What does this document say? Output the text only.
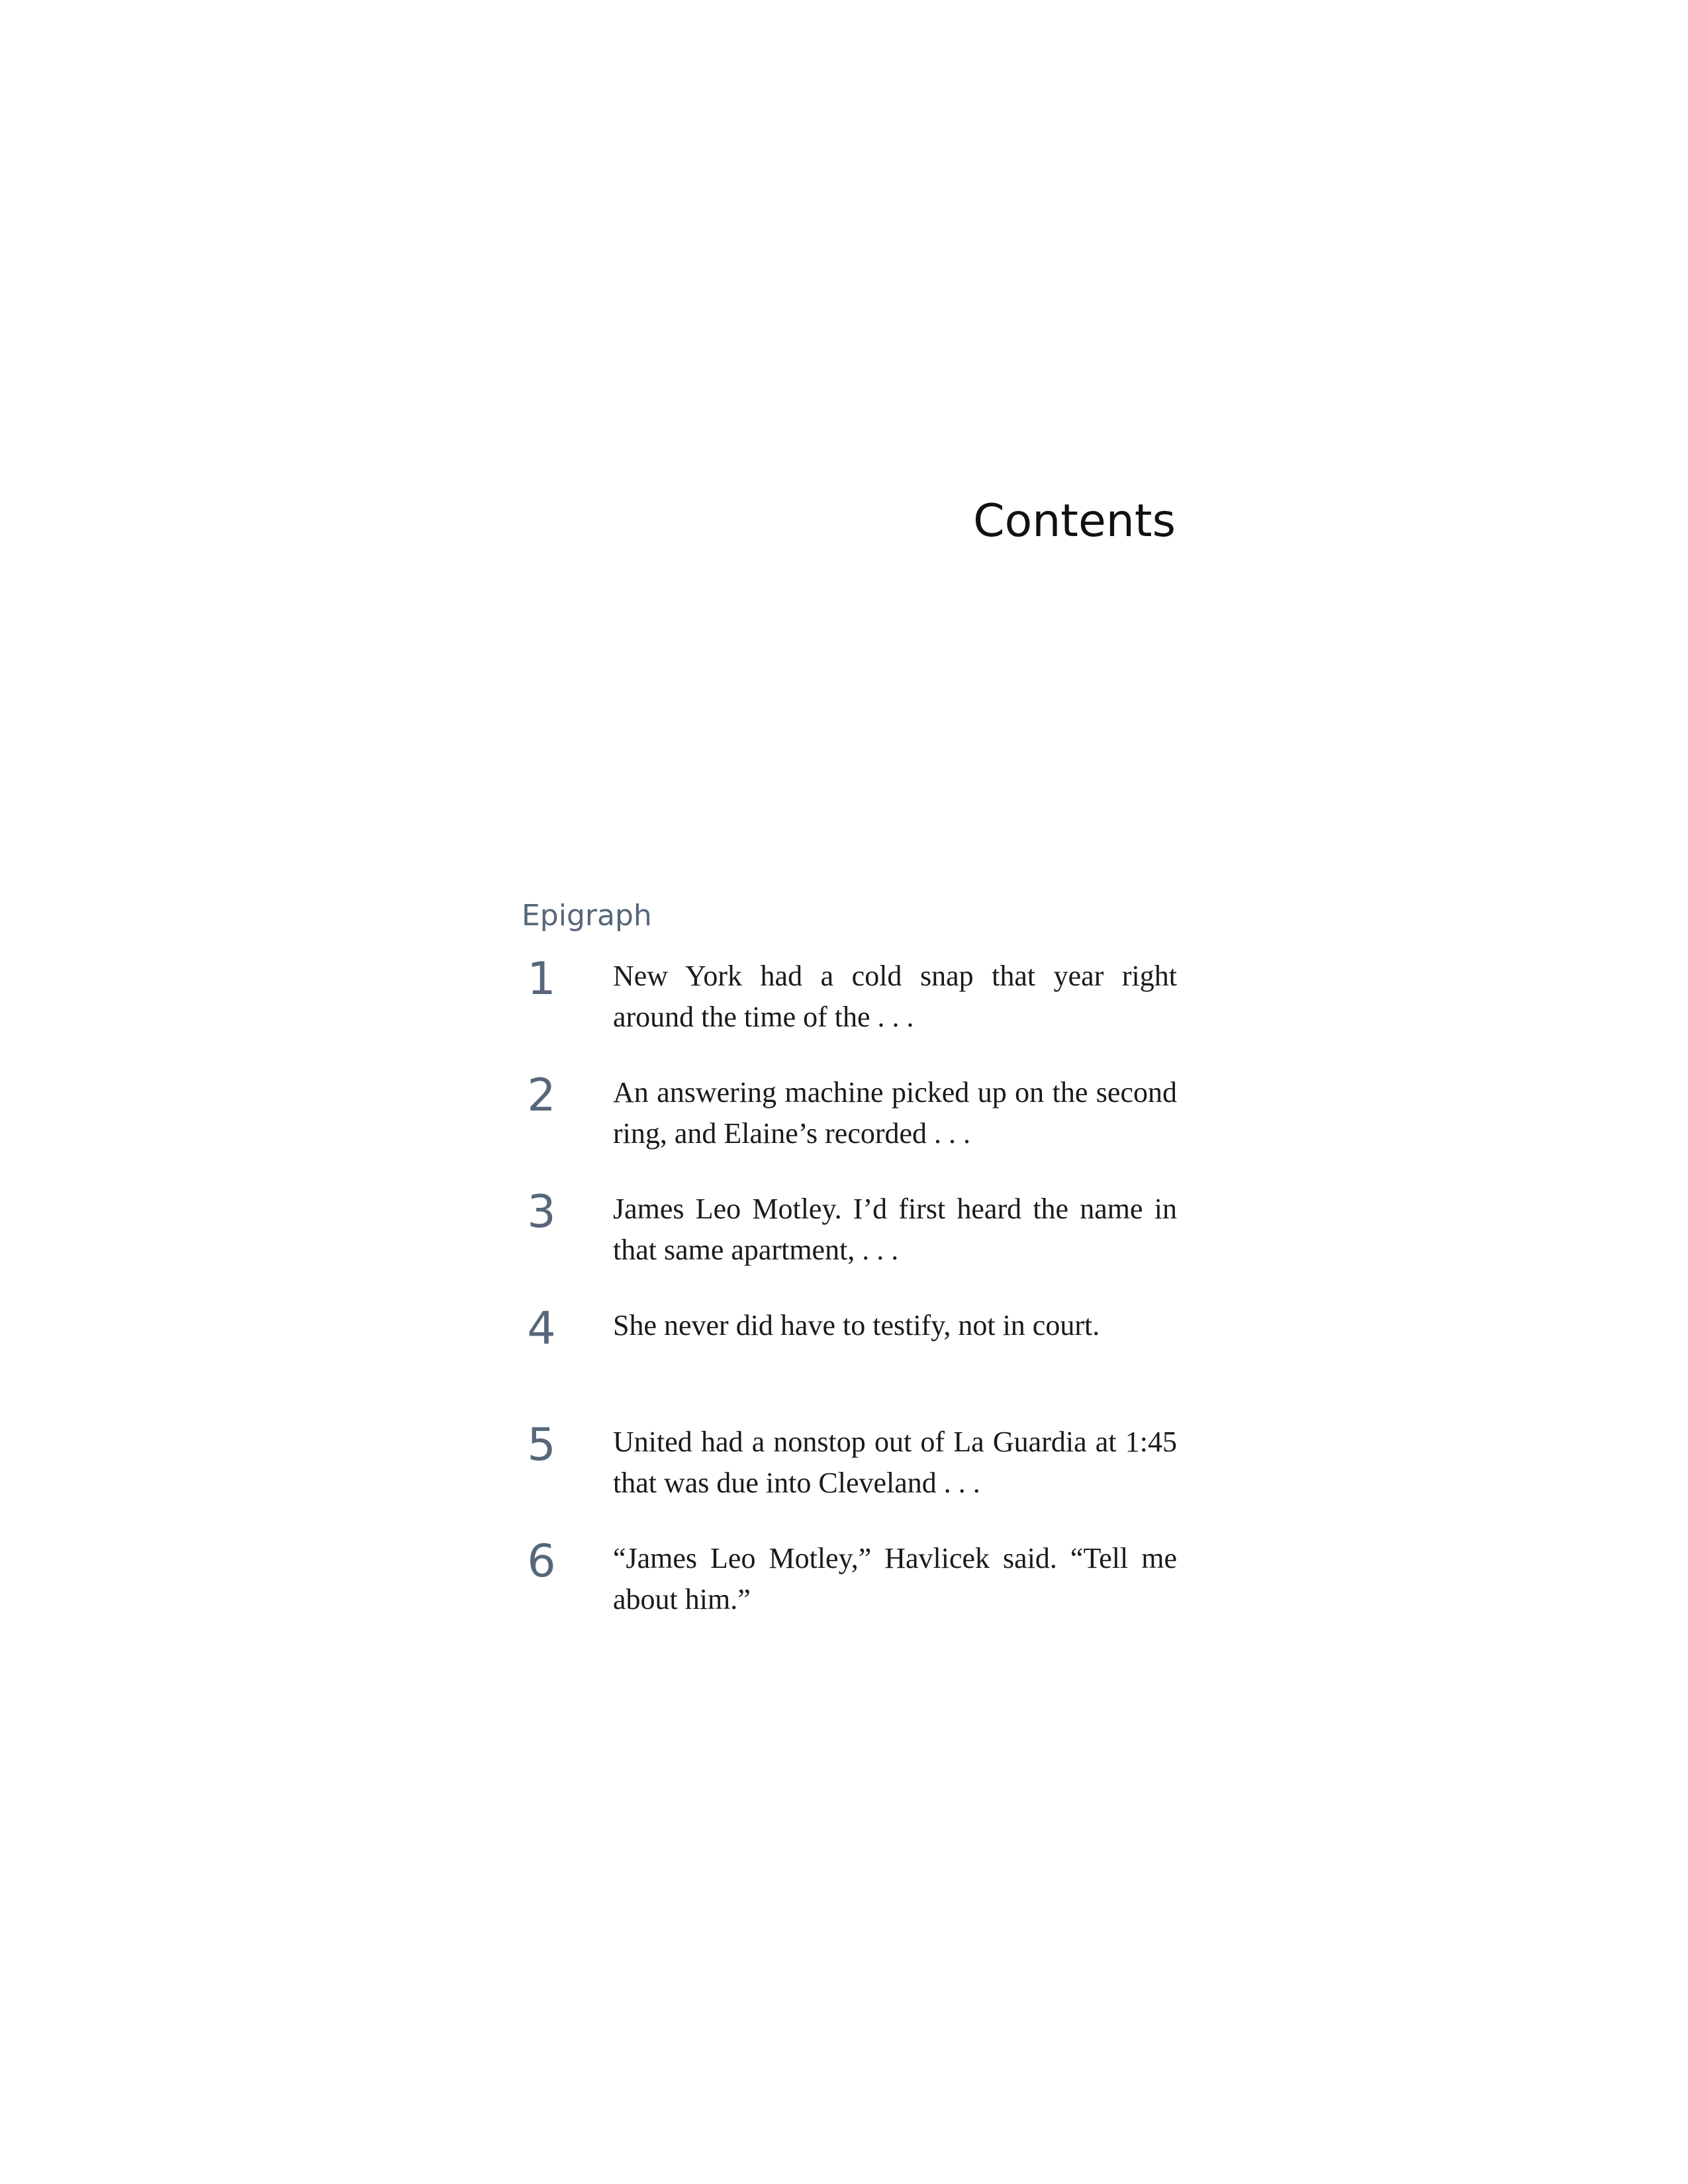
Contents
Epigraph
1 New York had a cold snap that year right around the time of the . . .
2 An answering machine picked up on the second ring, and Elaine’s recorded . . .
3 James Leo Motley. I’d first heard the name in that same apartment, . . .
4 She never did have to testify, not in court.
5 United had a nonstop out of La Guardia at 1:45 that was due into Cleveland . . .
6 “James Leo Motley,” Havlicek said. “Tell me about him.”
